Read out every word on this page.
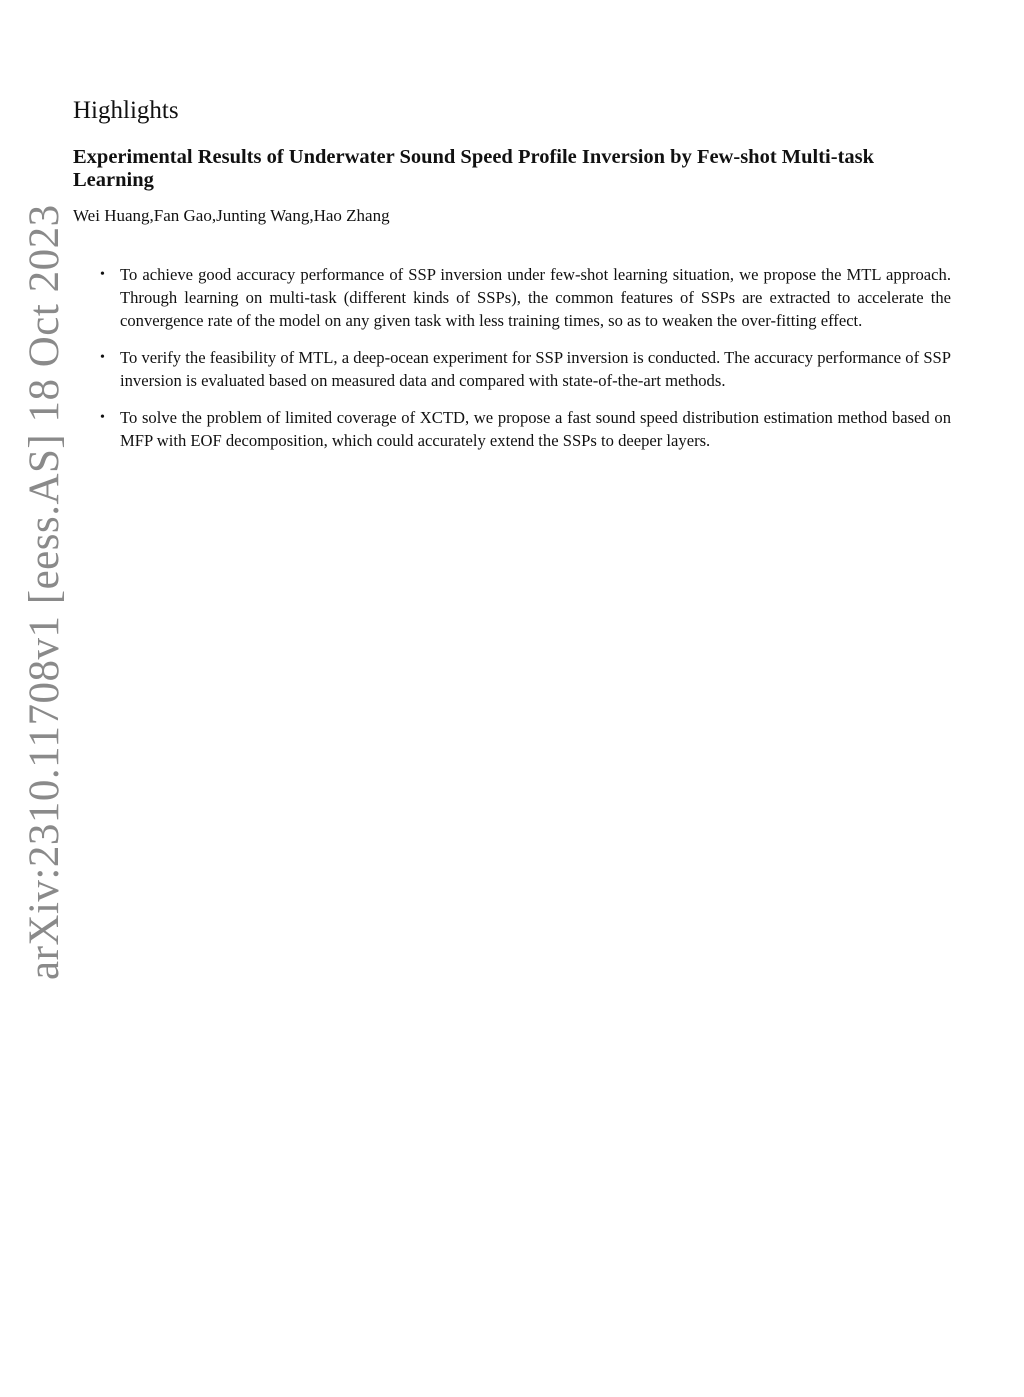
Highlights
Experimental Results of Underwater Sound Speed Profile Inversion by Few-shot Multi-task Learning

Wei Huang,Fan Gao,Junting Wang,Hao Zhang

• To achieve good accuracy performance of SSP inversion under few-shot learning situation, we propose the MTL approach. Through learning on multi-task (different kinds of SSPs), the common features of SSPs are extracted to accelerate the convergence rate of the model on any given task with less training times, so as to weaken the over-fitting effect.
• To verify the feasibility of MTL, a deep-ocean experiment for SSP inversion is conducted. The accuracy performance of SSP inversion is evaluated based on measured data and compared with state-of-the-art methods.
• To solve the problem of limited coverage of XCTD, we propose a fast sound speed distribution estimation method based on MFP with EOF decomposition, which could accurately extend the SSPs to deeper layers.
arXiv:2310.11708v1 [eess.AS] 18 Oct 2023
